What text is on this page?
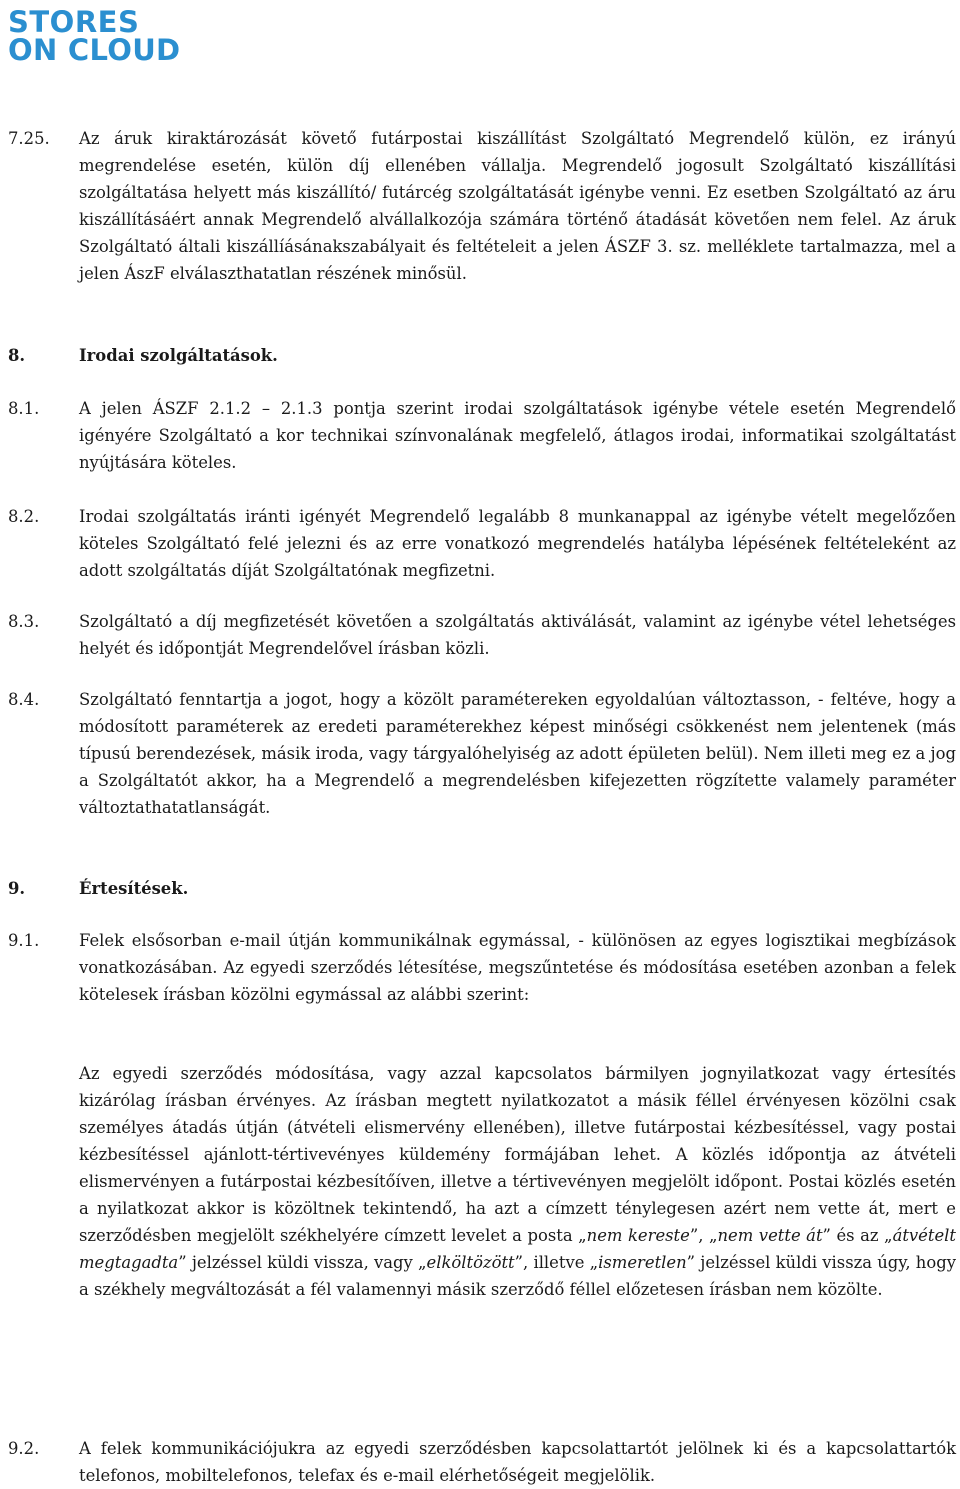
STORES
ON CLOUD
7.25. Az áruk kiraktározását követő futárpostai kiszállítást Szolgáltató Megrendelő külön, ez irányú megrendelése esetén, külön díj ellenében vállalja. Megrendelő jogosult Szolgáltató kiszállítási szolgáltatása helyett más kiszállító/ futárcég szolgáltatását igénybe venni. Ez esetben Szolgáltató az áru kiszállításáért annak Megrendelő alvállalkozója számára történő átadását követően nem felel. Az áruk Szolgáltató általi kiszállíásánakszabályait és feltételeit a jelen ÁSZF 3. sz. melléklete tartalmazza, mel a jelen ÁszF elválaszthatatlan részének minősül.
8.	Irodai szolgáltatások.
8.1. A jelen ÁSZF 2.1.2 – 2.1.3 pontja szerint irodai szolgáltatások igénybe vétele esetén Megrendelő igényére Szolgáltató a kor technikai színvonalának megfelelő, átlagos irodai, informatikai szolgáltatást nyújtására köteles.
8.2. Irodai szolgáltatás iránti igényét Megrendelő legalább 8 munkanappal az igénybe vételt megelőzően köteles Szolgáltató felé jelezni és az erre vonatkozó megrendelés hatályba lépésének feltételeként az adott szolgáltatás díját Szolgáltatónak megfizetni.
8.3. Szolgáltató a díj megfizetését követően a szolgáltatás aktiválását, valamint az igénybe vétel lehetséges helyét és időpontját Megrendelővel írásban közli.
8.4. Szolgáltató fenntartja a jogot, hogy a közölt paramétereken egyoldalúan változtasson, - feltéve, hogy a módosított paraméterek az eredeti paraméterekhez képest minőségi csökkenést nem jelentenek (más típusú berendezések, másik iroda, vagy tárgyalóhelyiség az adott épületen belül). Nem illeti meg ez a jog a Szolgáltatót akkor, ha a Megrendelő a megrendelésben kifejezetten rögzítette valamely paraméter változtathatatlanságát.
9.	Értesítések.
9.1. Felek elsősorban e-mail útján kommunikálnak egymással, - különösen az egyes logisztikai megbízások vonatkozásában. Az egyedi szerződés létesítése, megszűntetése és módosítása esetében azonban a felek kötelesek írásban közölni egymással az alábbi szerint:
Az egyedi szerződés módosítása, vagy azzal kapcsolatos bármilyen jognyilatkozat vagy értesítés kizárólag írásban érvényes. Az írásban megtett nyilatkozatot a másik féllel érvényesen közölni csak személyes átadás útján (átvételi elismervény ellenében), illetve futárpostai kézbesítéssel, vagy postai kézbesítéssel ajánlott-tértivevényes küldemény formájában lehet. A közlés időpontja az átvételi elismervényen a futárpostai kézbesítőíven, illetve a tértivevényen megjelölt időpont. Postai közlés esetén a nyilatkozat akkor is közöltnek tekintendő, ha azt a címzett ténylegesen azért nem vette át, mert e szerződésben megjelölt székhelyére címzett levelet a posta „nem kereste”, „nem vette át” és az „átvételt megtagadta” jelzéssel küldi vissza, vagy „elköltözött”, illetve „ismeretlen” jelzéssel küldi vissza úgy, hogy a székhely megváltozását a fél valamennyi másik szerződő féllel előzetesen írásban nem közölte.
9.2. A felek kommunikációjukra az egyedi szerződésben kapcsolattartót jelölnek ki és a kapcsolattartók telefonos, mobiltelefonos, telefax és e-mail elérhetőségeit megjelölik.
